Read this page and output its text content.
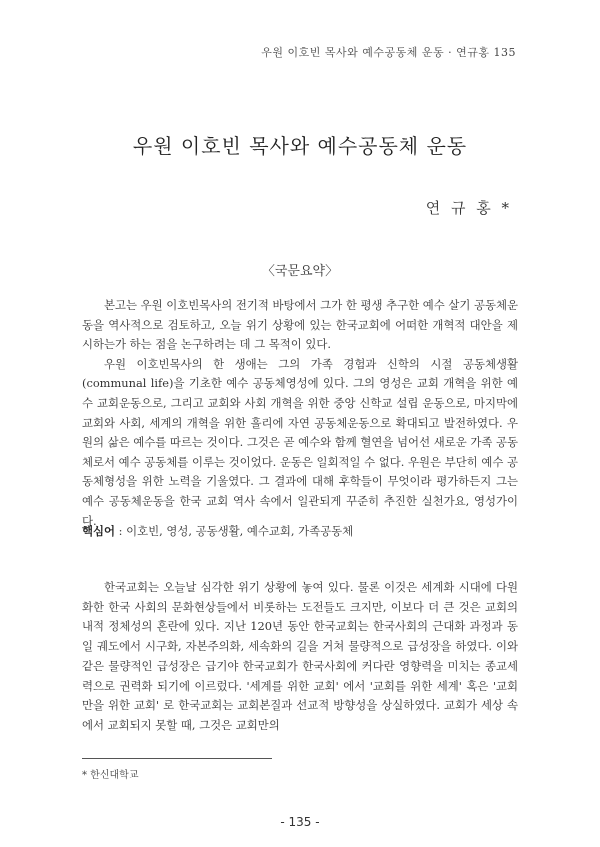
우원 이호빈 목사와 예수공동체 운동 · 연규홍 135
우원 이호빈 목사와 예수공동체 운동
연 규 홍 *
〈국문요약〉

본고는 우원 이호빈목사의 전기적 바탕에서 그가 한 평생 추구한 예수 살기 공동체운동을 역사적으로 검토하고, 오늘 위기 상황에 있는 한국교회에 어떠한 개혁적 대안을 제시하는가 하는 점을 논구하려는 데 그 목적이 있다.

우원 이호빈목사의 한 생애는 그의 가족 경험과 신학의 시절 공동체생활(communal life)을 기초한 예수 공동체영성에 있다. 그의 영성은 교회 개혁을 위한 예수 교회운동으로, 그리고 교회와 사회 개혁을 위한 중앙 신학교 설립 운동으로, 마지막에 교회와 사회, 세계의 개혁을 위한 흘리에 자연 공동체운동으로 확대되고 발전하였다. 우원의 삶은 예수를 따르는 것이다. 그것은 곧 예수와 함께 혈연을 넘어선 새로운 가족 공동체로서 예수 공동체를 이루는 것이었다. 운동은 일회적일 수 없다. 우원은 부단히 예수 공동체형성을 위한 노력을 기울였다. 그 결과에 대해 후학들이 무엇이라 평가하든지 그는 예수 공동체운동을 한국 교회 역사 속에서 일관되게 꾸준히 추진한 실천가요, 영성가이다.

핵심어 : 이호빈, 영성, 공동생활, 예수교회, 가족공동체

한국교회는 오늘날 심각한 위기 상황에 놓여 있다. 물론 이것은 세계화 시대에 다원화한 한국 사회의 문화현상들에서 비롯하는 도전들도 크지만, 이보다 더 큰 것은 교회의 내적 정체성의 혼란에 있다. 지난 120년 동안 한국교회는 한국사회의 근대화 과정과 동일 궤도에서 시구화, 자본주의화, 세속화의 길을 거쳐 물량적으로 급성장을 하였다. 이와 같은 물량적인 급성장은 급기야 한국교회가 한국사회에 커다란 영향력을 미치는 종교세력으로 권력화 되기에 이르렀다. '세계를 위한 교회' 에서 '교회를 위한 세계' 혹은 '교회만을 위한 교회' 로 한국교회는 교회본질과 선교적 방향성을 상실하였다. 교회가 세상 속에서 교회되지 못할 때, 그것은 교회만의

* 한신대학교
- 135 -
